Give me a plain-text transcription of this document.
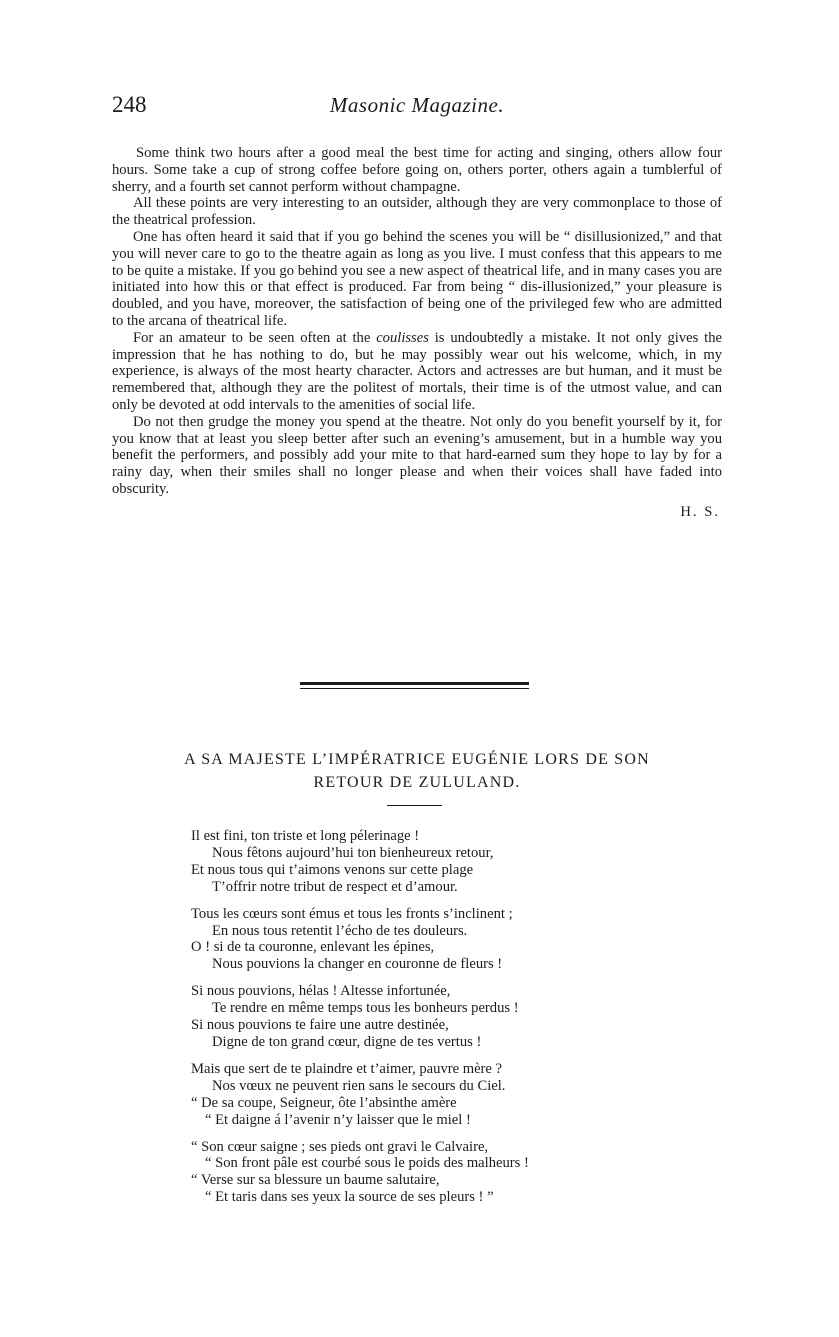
248	Masonic Magazine.

Some think two hours after a good meal the best time for acting and singing, others allow four hours. Some take a cup of strong coffee before going on, others porter, others again a tumblerful of sherry, and a fourth set cannot perform without champagne.

All these points are very interesting to an outsider, although they are very commonplace to those of the theatrical profession.

One has often heard it said that if you go behind the scenes you will be “ disillusionized,” and that you will never care to go to the theatre again as long as you live. I must confess that this appears to me to be quite a mistake. If you go behind you see a new aspect of theatrical life, and in many cases you are initiated into how this or that effect is produced. Far from being “ dis-illusionized,” your pleasure is doubled, and you have, moreover, the satisfaction of being one of the privileged few who are admitted to the arcana of theatrical life.

For an amateur to be seen often at the coulisses is undoubtedly a mistake. It not only gives the impression that he has nothing to do, but he may possibly wear out his welcome, which, in my experience, is always of the most hearty character. Actors and actresses are but human, and it must be remembered that, although they are the politest of mortals, their time is of the utmost value, and can only be devoted at odd intervals to the amenities of social life.

Do not then grudge the money you spend at the theatre. Not only do you benefit yourself by it, for you know that at least you sleep better after such an evening’s amusement, but in a humble way you benefit the performers, and possibly add your mite to that hard-earned sum they hope to lay by for a rainy day, when their smiles shall no longer please and when their voices shall have faded into obscurity.

H. S.
A SA MAJESTE L’IMPÉRATRICE EUGÉNIE LORS DE SON
RETOUR DE ZULULAND.
Il est fini, ton triste et long pélerinage !
Nous fêtons aujourd’hui ton bienheureux retour,
Et nous tous qui t’aimons venons sur cette plage
T’offrir notre tribut de respect et d’amour.
Tous les cœurs sont émus et tous les fronts s’inclinent ;
En nous tous retentit l’écho de tes douleurs.
O ! si de ta couronne, enlevant les épines,
Nous pouvions la changer en couronne de fleurs !
Si nous pouvions, hélas ! Altesse infortunée,
Te rendre en même temps tous les bonheurs perdus !
Si nous pouvions te faire une autre destinée,
Digne de ton grand cœur, digne de tes vertus !
Mais que sert de te plaindre et t’aimer, pauvre mère ?
Nos vœux ne peuvent rien sans le secours du Ciel.
“ De sa coupe, Seigneur, ôte l’absinthe amère
“ Et daigne á l’avenir n’y laisser que le miel !
“ Son cœur saigne ; ses pieds ont gravi le Calvaire,
“ Son front pâle est courbé sous le poids des malheurs !
“ Verse sur sa blessure un baume salutaire,
“ Et taris dans ses yeux la source de ses pleurs ! ”
